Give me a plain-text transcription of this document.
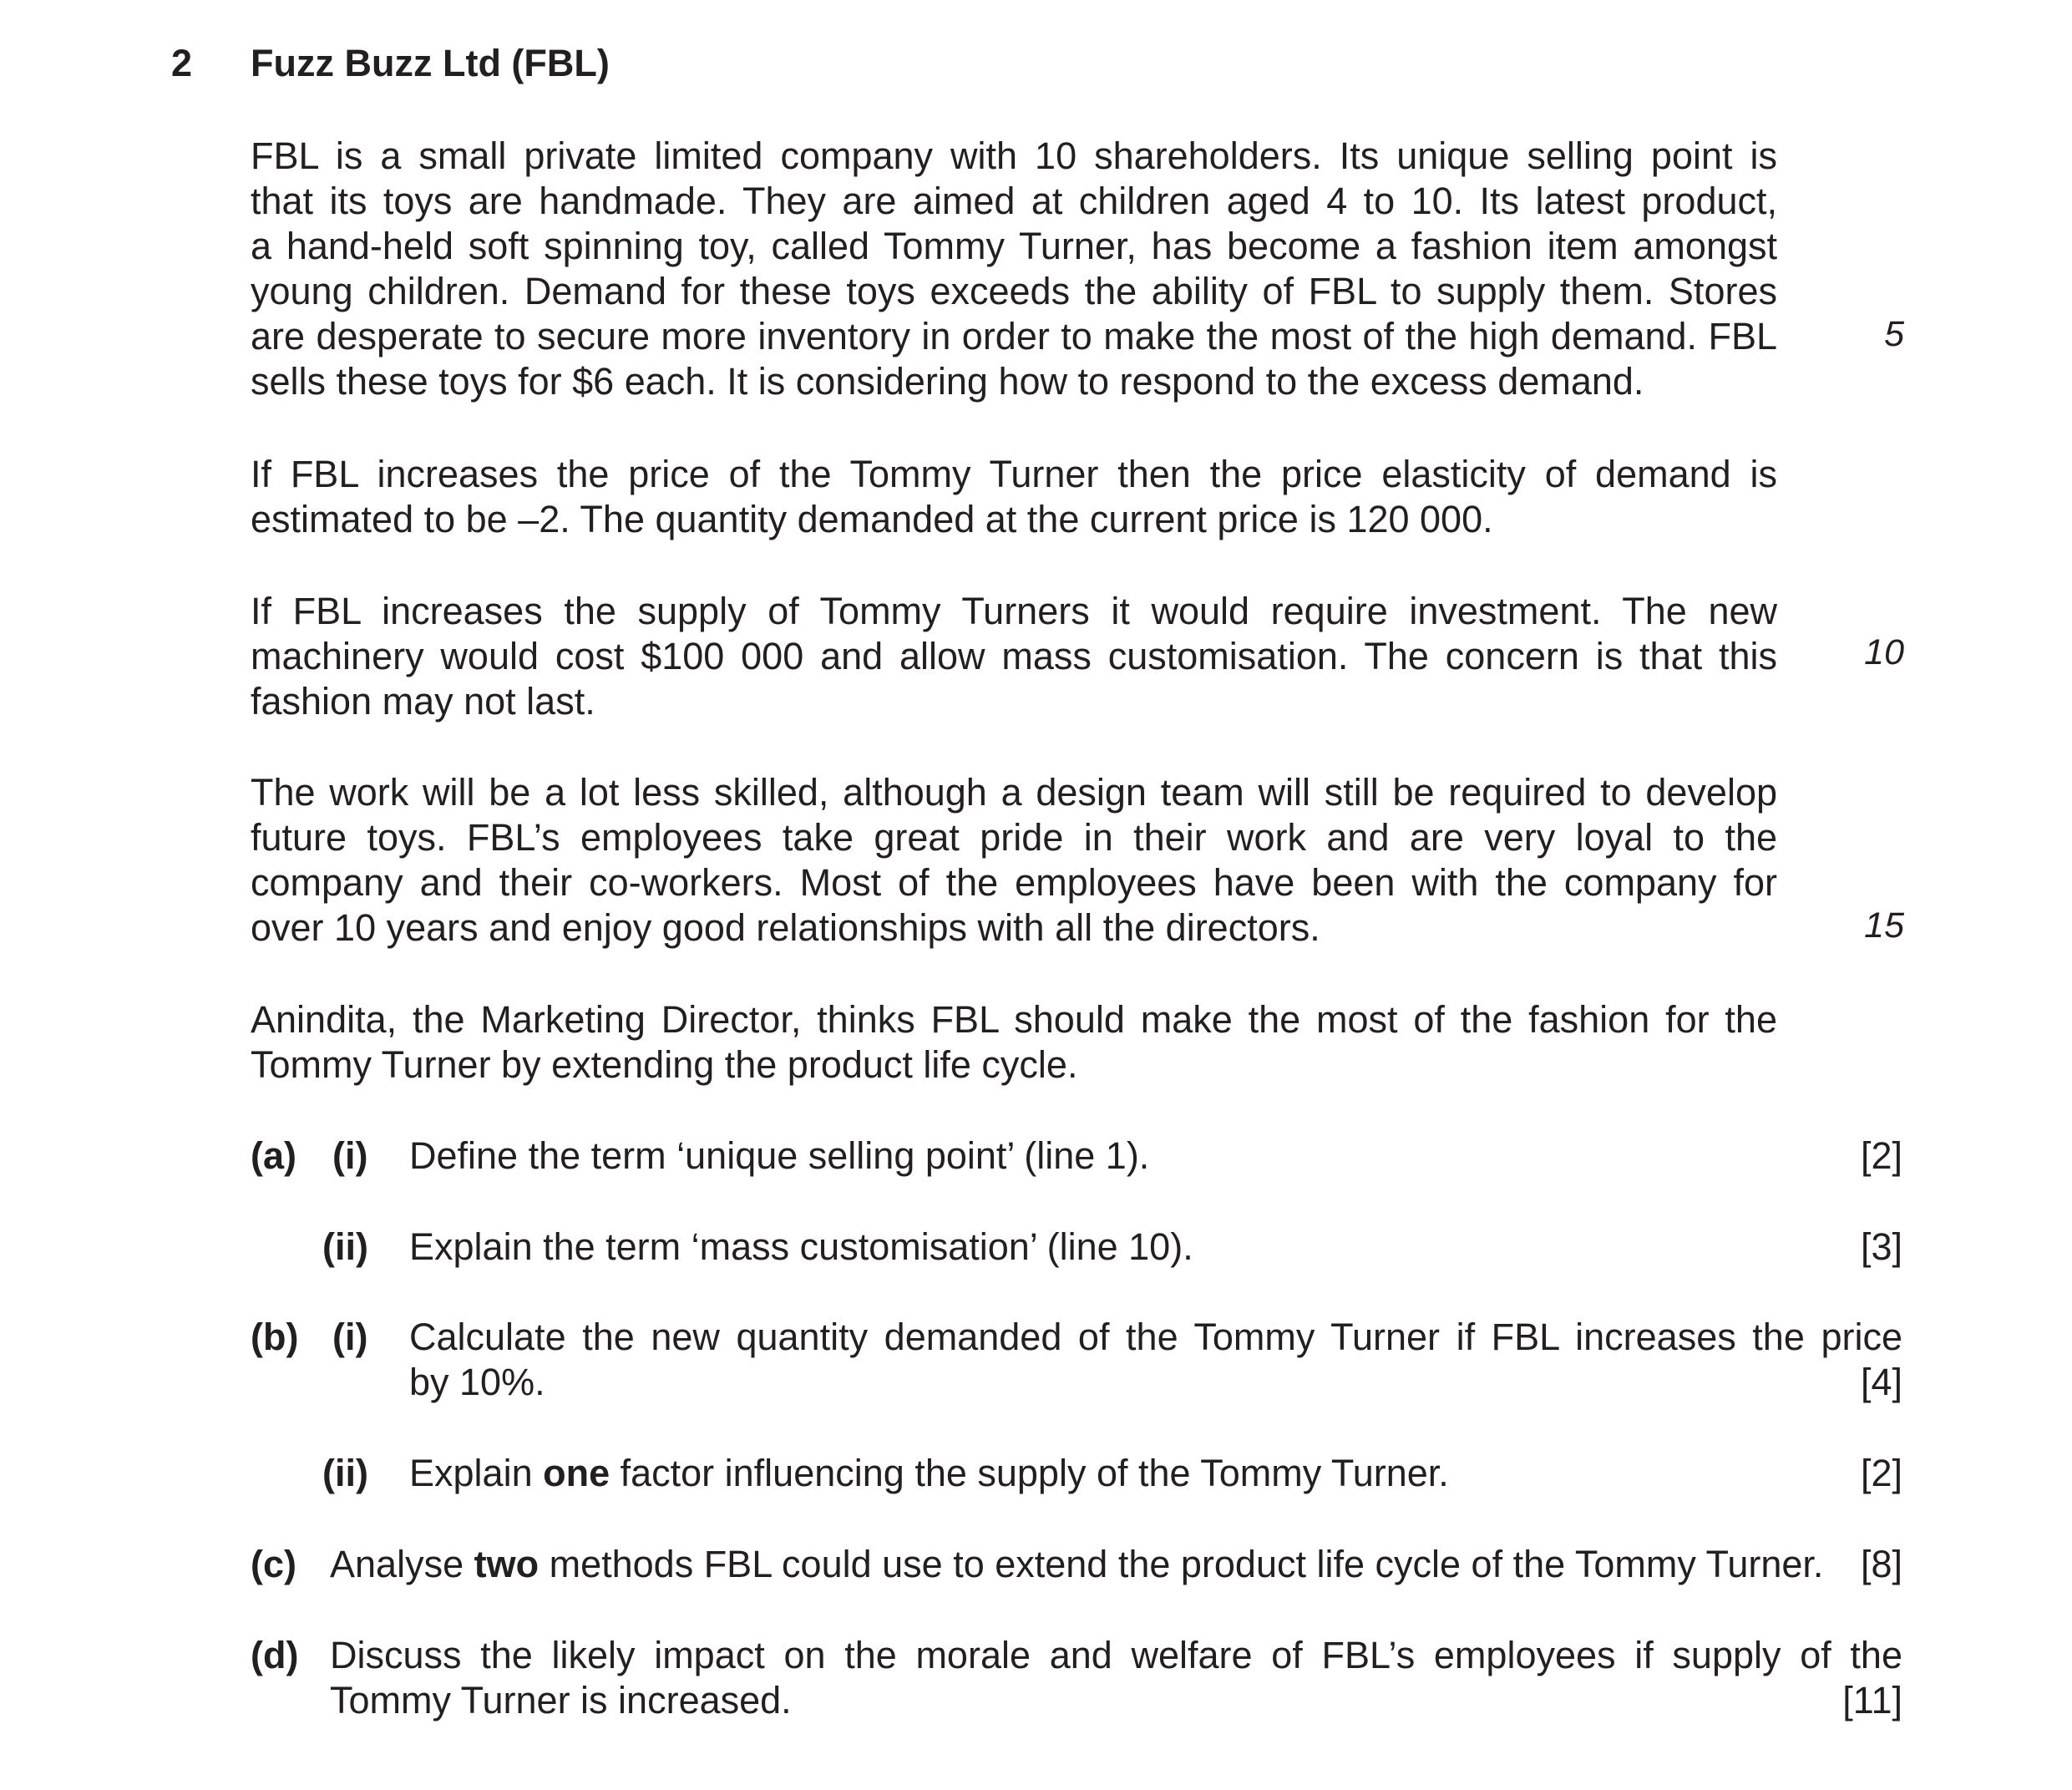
2 Fuzz Buzz Ltd (FBL)
FBL is a small private limited company with 10 shareholders. Its unique selling point is
that its toys are handmade. They are aimed at children aged 4 to 10. Its latest product,
a hand-held soft spinning toy, called Tommy Turner, has become a fashion item amongst
young children. Demand for these toys exceeds the ability of FBL to supply them. Stores
are desperate to secure more inventory in order to make the most of the high demand. FBL
sells these toys for $6 each. It is considering how to respond to the excess demand.
5
If FBL increases the price of the Tommy Turner then the price elasticity of demand is
estimated to be –2. The quantity demanded at the current price is 120 000.
If FBL increases the supply of Tommy Turners it would require investment. The new
machinery would cost $100 000 and allow mass customisation. The concern is that this
fashion may not last.
10
The work will be a lot less skilled, although a design team will still be required to develop
future toys. FBL’s employees take great pride in their work and are very loyal to the
company and their co-workers. Most of the employees have been with the company for
over 10 years and enjoy good relationships with all the directors.	15
Anindita, the Marketing Director, thinks FBL should make the most of the fashion for the
Tommy Turner by extending the product life cycle.
(a) (i) Define the term ‘unique selling point’ (line 1).	[2]
(ii) Explain the term ‘mass customisation’ (line 10).	[3]
(b) (i) Calculate the new quantity demanded of the Tommy Turner if FBL increases the price
by 10%.	[4]
(ii) Explain one factor influencing the supply of the Tommy Turner.	[2]
(c) Analyse two methods FBL could use to extend the product life cycle of the Tommy Turner. [8]
(d) Discuss the likely impact on the morale and welfare of FBL’s employees if supply of the
Tommy Turner is increased.	[11]
